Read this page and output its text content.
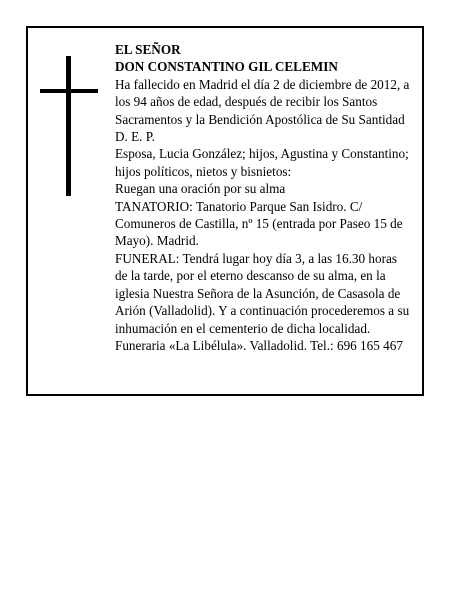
EL SEÑOR
DON CONSTANTINO GIL CELEMIN
Ha fallecido en Madrid el día 2 de diciembre de 2012, a
los 94 años de edad, después de recibir los Santos
Sacramentos y la Bendición Apostólica de Su Santidad
D. E. P.
Esposa, Lucia González; hijos, Agustina y Constantino;
hijos políticos, nietos y bisnietos:
Ruegan una oración por su alma
TANATORIO: Tanatorio Parque San Isidro. C/
Comuneros de Castilla, nº 15 (entrada por Paseo 15 de
Mayo). Madrid.
FUNERAL: Tendrá lugar hoy día 3, a las 16.30 horas
de la tarde, por el eterno descanso de su alma, en la
iglesia Nuestra Señora de la Asunción, de Casasola de
Arión (Valladolid). Y a continuación procederemos a su
inhumación en el cementerio de dicha localidad.
Funeraria «La Libélula». Valladolid. Tel.: 696 165 467
